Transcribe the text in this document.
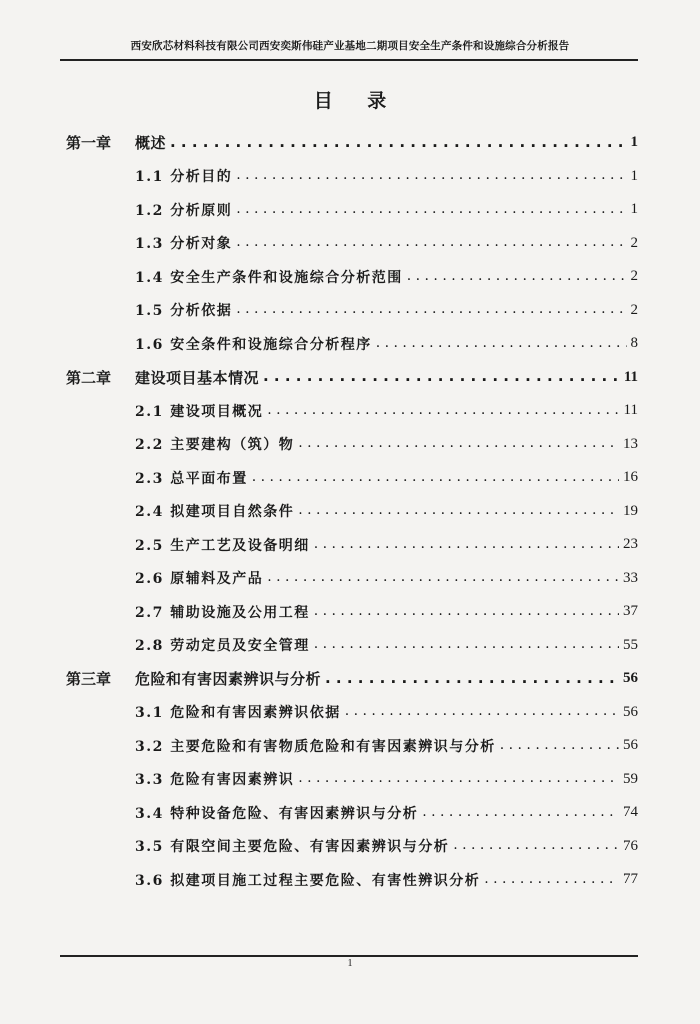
西安欣芯材料科技有限公司西安奕斯伟硅产业基地二期项目安全生产条件和设施综合分析报告
目 录
第一章	概述 . . .	1
1.1 分析目的 . . .	1
1.2 分析原则 . . .	1
1.3 分析对象 . . .	2
1.4 安全生产条件和设施综合分析范围 . . .	2
1.5 分析依据 . . .	2
1.6 安全条件和设施综合分析程序 . . .	8
第二章	建设项目基本情况 . . .	11
2.1 建设项目概况 . . .	11
2.2 主要建构（筑）物 . . .	13
2.3 总平面布置 . . .	16
2.4 拟建项目自然条件 . . .	19
2.5 生产工艺及设备明细 . . .	23
2.6 原辅料及产品 . . .	33
2.7 辅助设施及公用工程 . . .	37
2.8 劳动定员及安全管理 . . .	55
第三章	危险和有害因素辨识与分析 . . .	56
3.1 危险和有害因素辨识依据 . . .	56
3.2 主要危险和有害物质危险和有害因素辨识与分析 . . .	56
3.3 危险有害因素辨识 . . .	59
3.4 特种设备危险、有害因素辨识与分析 . . .	74
3.5 有限空间主要危险、有害因素辨识与分析 . . .	76
3.6 拟建项目施工过程主要危险、有害性辨识分析 . . .	77
1
